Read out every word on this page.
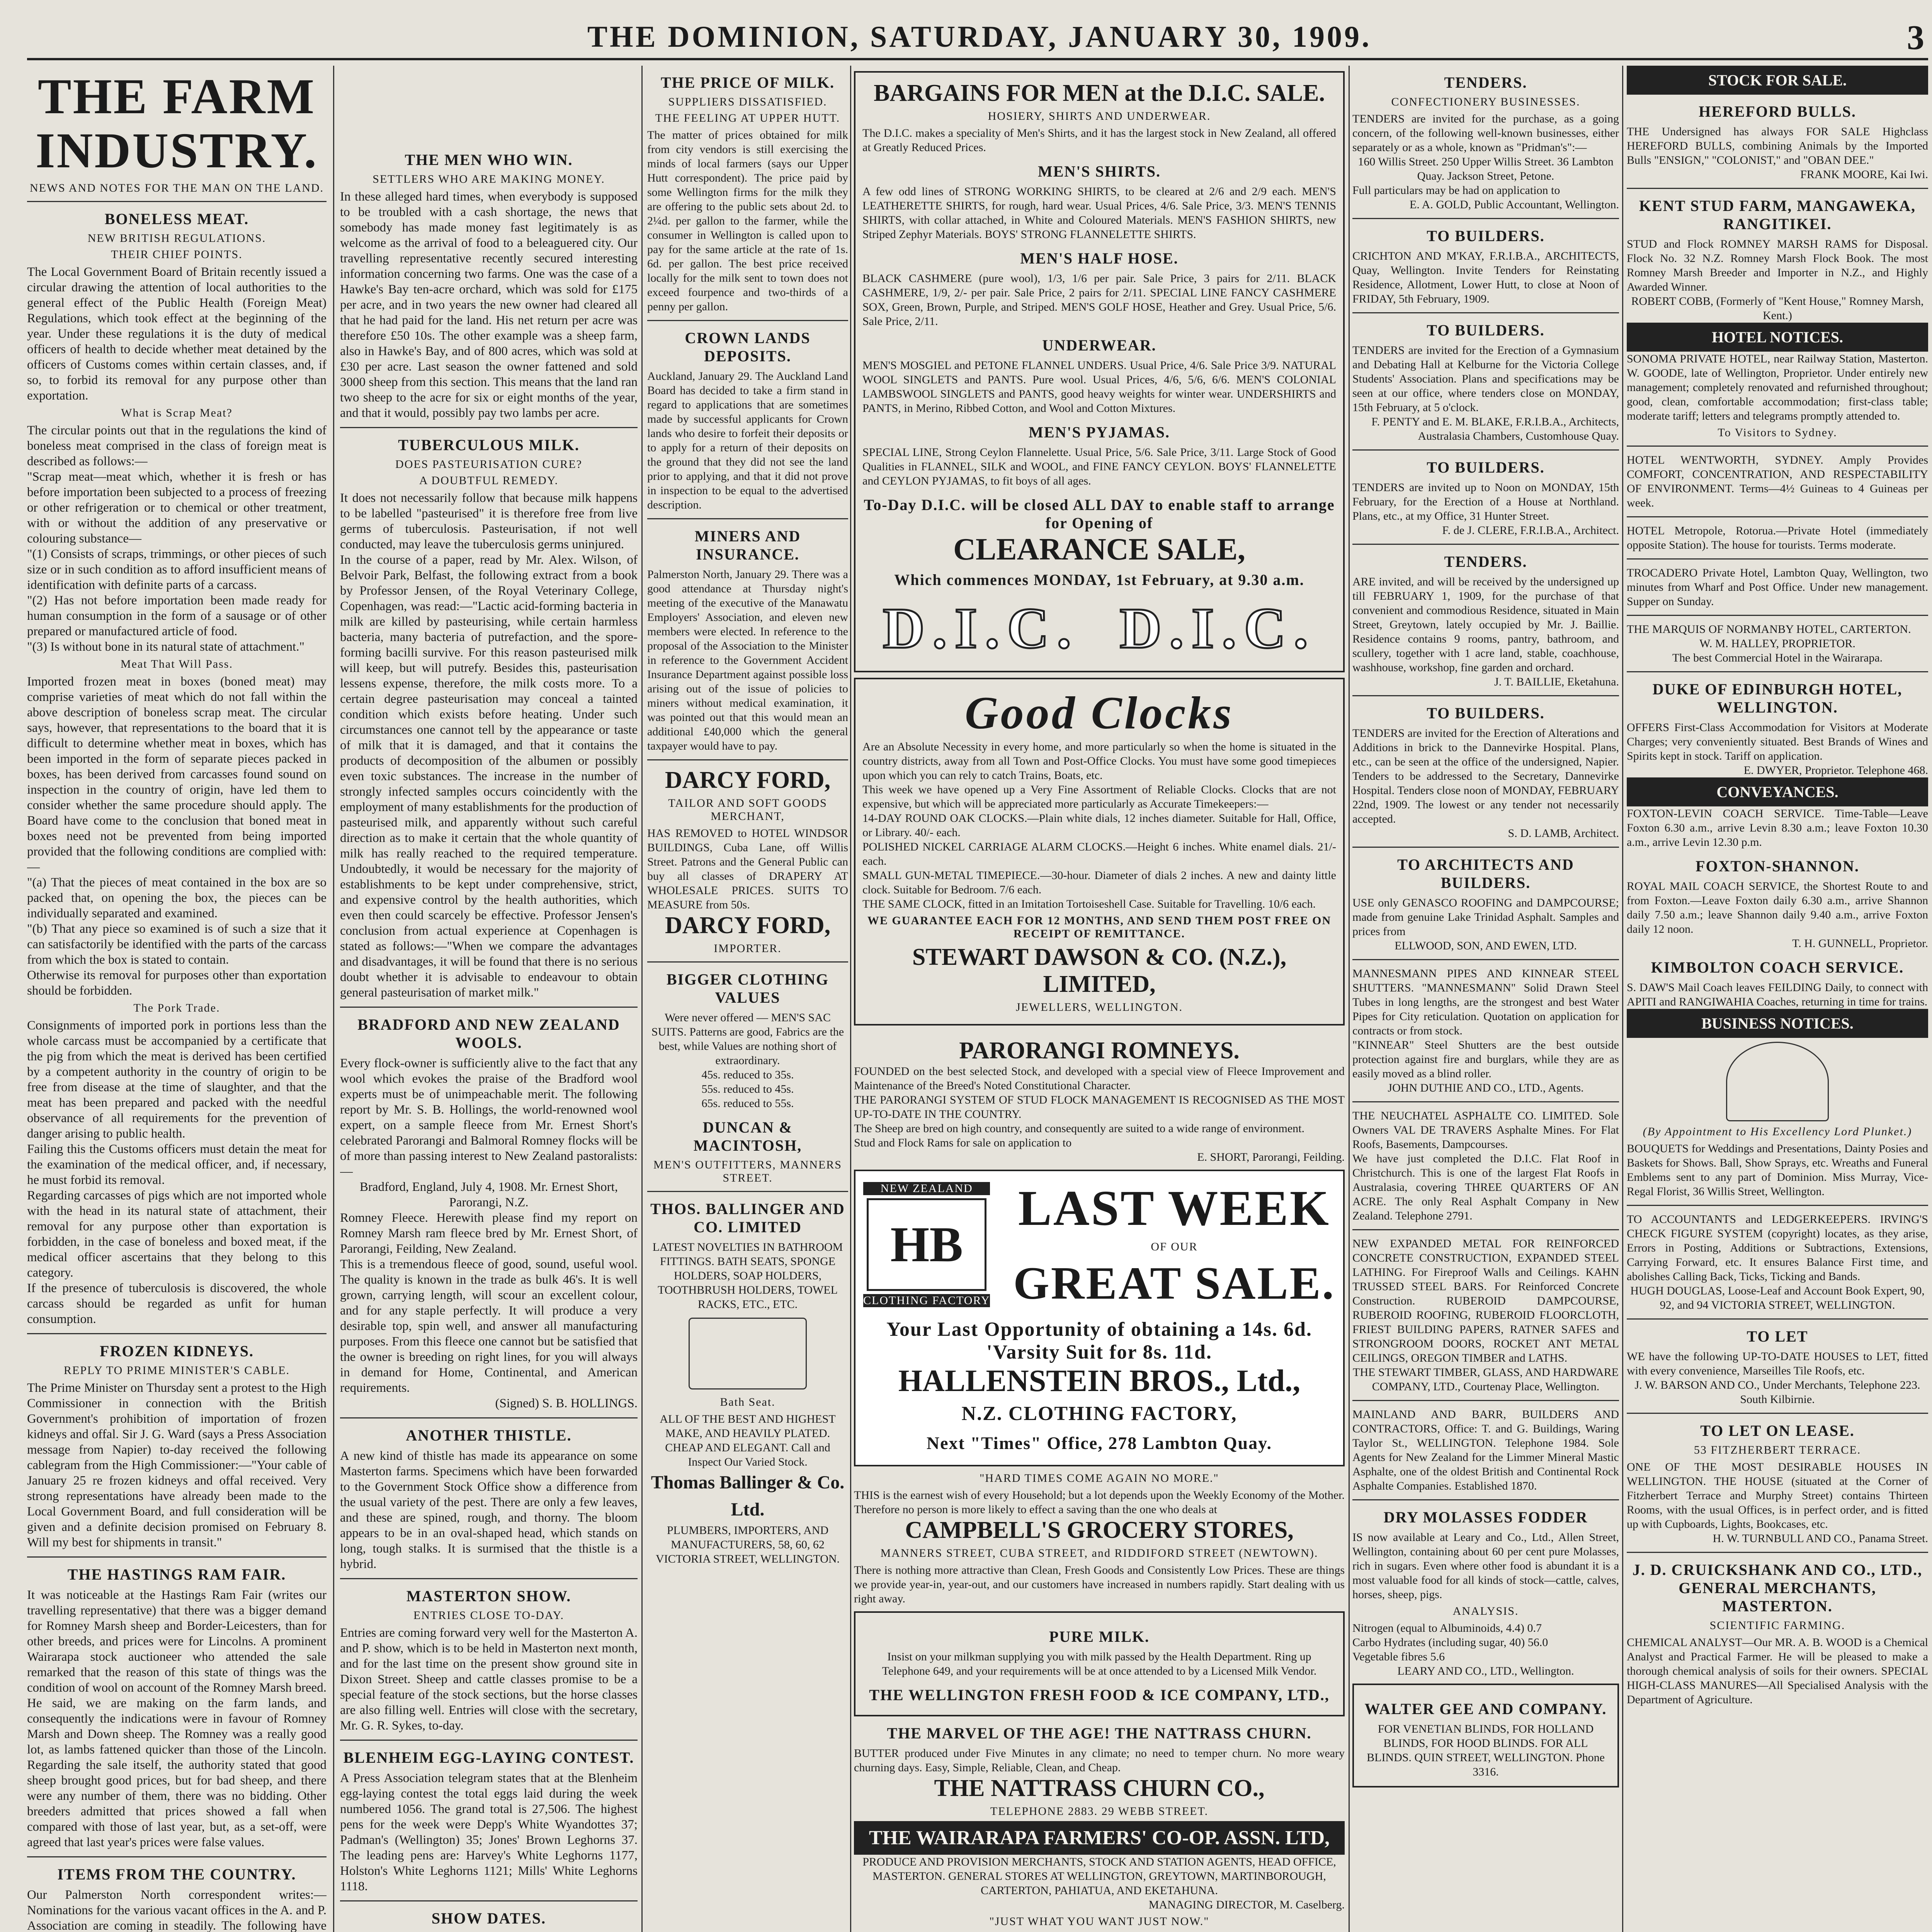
THE DOMINION, SATURDAY, JANUARY 30, 1909.	3
THE FARM INDUSTRY.
NEWS AND NOTES FOR THE MAN ON THE LAND.
BONELESS MEAT.
NEW BRITISH REGULATIONS.
THEIR CHIEF POINTS.

The Local Government Board of Britain recently issued a circular drawing the attention of local authorities to the general effect of the Public Health (Foreign Meat) Regulations, which took effect at the beginning of the year. Under these regulations it is the duty of medical officers of health to decide whether meat detained by the officers of Customs comes within certain classes, and, if so, to forbid its removal for any purpose other than exportation.

What is Scrap Meat?

The circular points out that in the regulations the kind of boneless meat comprised in the class of foreign meat is described as follows:—

"Scrap meat—meat which, whether it is fresh or has before importation been subjected to a process of freezing or other refrigeration or to chemical or other treatment, with or without the addition of any preservative or colouring substance—

"(1) Consists of scraps, trimmings, or other pieces of such size or in such condition as to afford insufficient means of identification with definite parts of a carcass.

"(2) Has not before importation been made ready for human consumption in the form of a sausage or of other prepared or manufactured article of food.

"(3) Is without bone in its natural state of attachment."

Meat That Will Pass.

Imported frozen meat in boxes (boned meat) may comprise varieties of meat which do not fall within the above description of boneless scrap meat. The circular says, however, that representations to the board that it is difficult to determine whether meat in boxes, which has been imported in the form of separate pieces packed in boxes, has been derived from carcasses found sound on inspection in the country of origin, have led them to consider whether the same procedure should apply. The Board have come to the conclusion that boned meat in boxes need not be prevented from being imported provided that the following conditions are complied with:—

"(a) That the pieces of meat contained in the box are so packed that, on opening the box, the pieces can be individually separated and examined.

"(b) That any piece so examined is of such a size that it can satisfactorily be identified with the parts of the carcass from which the box is stated to contain.

Otherwise its removal for purposes other than exportation should be forbidden.

The Pork Trade.

Consignments of imported pork in portions less than the whole carcass must be accompanied by a certificate that the pig from which the meat is derived has been certified by a competent authority in the country of origin to be free from disease at the time of slaughter, and that the meat has been prepared and packed with the needful observance of all requirements for the prevention of danger arising to public health.

Failing this the Customs officers must detain the meat for the examination of the medical officer, and, if necessary, he must forbid its removal.

Regarding carcasses of pigs which are not imported whole with the head in its natural state of attachment, their removal for any purpose other than exportation is forbidden, in the case of boneless and boxed meat, if the medical officer ascertains that they belong to this category.

If the presence of tuberculosis is discovered, the whole carcass should be regarded as unfit for human consumption.

FROZEN KIDNEYS.
REPLY TO PRIME MINISTER'S CABLE.

The Prime Minister on Thursday sent a protest to the High Commissioner in connection with the British Government's prohibition of importation of frozen kidneys and offal. Sir J. G. Ward (says a Press Association message from Napier) to-day received the following cablegram from the High Commissioner:—"Your cable of January 25 re frozen kidneys and offal received. Very strong representations have already been made to the Local Government Board, and full consideration will be given and a definite decision promised on February 8. Will my best for shipments in transit."

THE HASTINGS RAM FAIR.

It was noticeable at the Hastings Ram Fair (writes our travelling representative) that there was a bigger demand for Romney Marsh sheep and Border-Leicesters, than for other breeds, and prices were for Lincolns. A prominent Wairarapa stock auctioneer who attended the sale remarked that the reason of this state of things was the condition of wool on account of the Romney Marsh breed. He said, we are making on the farm lands, and consequently the indications were in favour of Romney Marsh and Down sheep. The Romney was a really good lot, as lambs fattened quicker than those of the Lincoln. Regarding the sale itself, the authority stated that good sheep brought good prices, but for bad sheep, and there were any number of them, there was no bidding. Other breeders admitted that prices showed a fall when compared with those of last year, but, as a set-off, were agreed that last year's prices were false values.

ITEMS FROM THE COUNTRY.

Our Palmerston North correspondent writes:—Nominations for the various vacant offices in the A. and P. Association are coming in steadily. The following have

THE MEN WHO WIN.
SETTLERS WHO ARE MAKING MONEY.

In these alleged hard times, when everybody is supposed to be troubled with a cash shortage, the news that somebody has made money fast legitimately is as welcome as the arrival of food to a beleaguered city. Our travelling representative recently secured interesting information concerning two farms. One was the case of a Hawke's Bay ten-acre orchard, which was sold for £175 per acre, and in two years the new owner had cleared all that he had paid for the land. His net return per acre was therefore £50 10s. The other example was a sheep farm, also in Hawke's Bay, and of 800 acres, which was sold at £30 per acre. Last season the owner fattened and sold 3000 sheep from this section. This means that the land ran two sheep to the acre for six or eight months of the year, and that it would, possibly pay two lambs per acre.

TUBERCULOUS MILK.
DOES PASTEURISATION CURE?
A DOUBTFUL REMEDY.

It does not necessarily follow that because milk happens to be labelled "pasteurised" it is therefore free from live germs of tuberculosis. Pasteurisation, if not well conducted, may leave the tuberculosis germs uninjured.

In the course of a paper, read by Mr. Alex. Wilson, of Belvoir Park, Belfast, the following extract from a book by Professor Jensen, of the Royal Veterinary College, Copenhagen, was read:—"Lactic acid-forming bacteria in milk are killed by pasteurising, while certain harmless bacteria, many bacteria of putrefaction, and the spore-forming bacilli survive. For this reason pasteurised milk will keep, but will putrefy. Besides this, pasteurisation lessens expense, therefore, the milk costs more. To a certain degree pasteurisation may conceal a tainted condition which exists before heating. Under such circumstances one cannot tell by the appearance or taste of milk that it is damaged, and that it contains the products of decomposition of the albumen or possibly even toxic substances. The increase in the number of strongly infected samples occurs coincidently with the employment of many establishments for the production of pasteurised milk, and apparently without such careful direction as to make it certain that the whole quantity of milk has really reached to the required temperature. Undoubtedly, it would be necessary for the majority of establishments to be kept under comprehensive, strict, and expensive control by the health authorities, which even then could scarcely be effective. Professor Jensen's conclusion from actual experience at Copenhagen is stated as follows:—"When we compare the advantages and disadvantages, it will be found that there is no serious doubt whether it is advisable to endeavour to obtain general pasteurisation of market milk."

BRADFORD AND NEW ZEALAND WOOLS.

Every flock-owner is sufficiently alive to the fact that any wool which evokes the praise of the Bradford wool experts must be of unimpeachable merit. The following report by Mr. S. B. Hollings, the world-renowned wool expert, on a sample fleece from Mr. Ernest Short's celebrated Parorangi and Balmoral Romney flocks will be of more than passing interest to New Zealand pastoralists:—

Bradford, England, July 4, 1908. Mr. Ernest Short, Parorangi, N.Z.

Romney Fleece. Herewith please find my report on Romney Marsh ram fleece bred by Mr. Ernest Short, of Parorangi, Feilding, New Zealand.

This is a tremendous fleece of good, sound, useful wool. The quality is known in the trade as bulk 46's. It is well grown, carrying length, will scour an excellent colour, and for any staple perfectly. It will produce a very desirable top, spin well, and answer all manufacturing purposes. From this fleece one cannot but be satisfied that the owner is breeding on right lines, for you will always in demand for Home, Continental, and American requirements.

(Signed) S. B. HOLLINGS.

ANOTHER THISTLE.

A new kind of thistle has made its appearance on some Masterton farms. Specimens which have been forwarded to the Government Stock Office show a difference from the usual variety of the pest. There are only a few leaves, and these are spined, rough, and thorny. The bloom appears to be in an oval-shaped head, which stands on long, tough stalks. It is surmised that the thistle is a hybrid.

MASTERTON SHOW.
ENTRIES CLOSE TO-DAY.

Entries are coming forward very well for the Masterton A. and P. show, which is to be held in Masterton next month, and for the last time on the present show ground site in Dixon Street. Sheep and cattle classes promise to be a special feature of the stock sections, but the horse classes are also filling well. Entries will close with the secretary, Mr. G. R. Sykes, to-day.

BLENHEIM EGG-LAYING CONTEST.

A Press Association telegram states that at the Blenheim egg-laying contest the total eggs laid during the week numbered 1056. The grand total is 27,506. The highest pens for the week were Depp's White Wyandottes 37; Padman's (Wellington) 35; Jones' Brown Leghorns 37. The leading pens are: Harvey's White Leghorns 1177, Holston's White Leghorns 1121; Mills' White Leghorns 1118.

SHOW DATES.

THE PRICE OF MILK.
SUPPLIERS DISSATISFIED.
THE FEELING AT UPPER HUTT.

The matter of prices obtained for milk from city vendors is still exercising the minds of local farmers (says our Upper Hutt correspondent). The price paid by some Wellington firms for the milk they are offering to the public sets about 2d. to 2¼d. per gallon to the farmer, while the consumer in Wellington is called upon to pay for the same article at the rate of 1s. 6d. per gallon. The best price received locally for the milk sent to town does not exceed fourpence and two-thirds of a penny per gallon.

CROWN LANDS DEPOSITS.

Auckland, January 29. The Auckland Land Board has decided to take a firm stand in regard to applications that are sometimes made by successful applicants for Crown lands who desire to forfeit their deposits or to apply for a return of their deposits on the ground that they did not see the land prior to applying, and that it did not prove in inspection to be equal to the advertised description.

MINERS AND INSURANCE.

Palmerston North, January 29. There was a good attendance at Thursday night's meeting of the executive of the Manawatu Employers' Association, and eleven new members were elected. In reference to the proposal of the Association to the Minister in reference to the Government Accident Insurance Department against possible loss arising out of the issue of policies to miners without medical examination, it was pointed out that this would mean an additional £40,000 which the general taxpayer would have to pay.

DARCY FORD,
TAILOR AND SOFT GOODS MERCHANT,

HAS REMOVED to HOTEL WINDSOR BUILDINGS, Cuba Lane, off Willis Street. Patrons and the General Public can buy all classes of DRAPERY AT WHOLESALE PRICES. SUITS TO MEASURE from 50s.

DARCY FORD,
IMPORTER.
BIGGER CLOTHING VALUES

Were never offered — MEN'S SAC SUITS. Patterns are good, Fabrics are the best, while Values are nothing short of extraordinary.

45s. reduced to 35s.

55s. reduced to 45s.

65s. reduced to 55s.

DUNCAN & MACINTOSH,
MEN'S OUTFITTERS, MANNERS STREET.
THOS. BALLINGER AND CO. LIMITED

LATEST NOVELTIES IN BATHROOM FITTINGS. BATH SEATS, SPONGE HOLDERS, SOAP HOLDERS, TOOTHBRUSH HOLDERS, TOWEL RACKS, ETC., ETC.

Bath Seat.

ALL OF THE BEST AND HIGHEST MAKE, AND HEAVILY PLATED. CHEAP AND ELEGANT. Call and Inspect Our Varied Stock.

Thomas Ballinger & Co. Ltd.

PLUMBERS, IMPORTERS, AND MANUFACTURERS, 58, 60, 62 VICTORIA STREET, WELLINGTON.

BARGAINS FOR MEN at the D.I.C. SALE.
HOSIERY, SHIRTS AND UNDERWEAR.

The D.I.C. makes a speciality of Men's Shirts, and it has the largest stock in New Zealand, all offered at Greatly Reduced Prices.

MEN'S SHIRTS.

A few odd lines of STRONG WORKING SHIRTS, to be cleared at 2/6 and 2/9 each. MEN'S LEATHERETTE SHIRTS, for rough, hard wear. Usual Prices, 4/6. Sale Price, 3/3. MEN'S TENNIS SHIRTS, with collar attached, in White and Coloured Materials. MEN'S FASHION SHIRTS, new Striped Zephyr Materials. BOYS' STRONG FLANNELETTE SHIRTS.

MEN'S HALF HOSE.

BLACK CASHMERE (pure wool), 1/3, 1/6 per pair. Sale Price, 3 pairs for 2/11. BLACK CASHMERE, 1/9, 2/- per pair. Sale Price, 2 pairs for 2/11. SPECIAL LINE FANCY CASHMERE SOX, Green, Brown, Purple, and Striped. MEN'S GOLF HOSE, Heather and Grey. Usual Price, 5/6. Sale Price, 2/11.

UNDERWEAR.

MEN'S MOSGIEL and PETONE FLANNEL UNDERS. Usual Price, 4/6. Sale Price 3/9. NATURAL WOOL SINGLETS and PANTS. Pure wool. Usual Prices, 4/6, 5/6, 6/6. MEN'S COLONIAL LAMBSWOOL SINGLETS and PANTS, good heavy weights for winter wear. UNDERSHIRTS and PANTS, in Merino, Ribbed Cotton, and Wool and Cotton Mixtures.

MEN'S PYJAMAS.

SPECIAL LINE, Strong Ceylon Flannelette. Usual Price, 5/6. Sale Price, 3/11. Large Stock of Good Qualities in FLANNEL, SILK and WOOL, and FINE FANCY CEYLON. BOYS' FLANNELETTE and CEYLON PYJAMAS, to fit boys of all ages.

To-Day D.I.C. will be closed ALL DAY to enable staff to arrange for Opening of
CLEARANCE SALE,
Which commences MONDAY, 1st February, at 9.30 a.m.
D.I.C. D.I.C.
Good Clocks

Are an Absolute Necessity in every home, and more particularly so when the home is situated in the country districts, away from all Town and Post-Office Clocks. You must have some good timepieces upon which you can rely to catch Trains, Boats, etc.

This week we have opened up a Very Fine Assortment of Reliable Clocks. Clocks that are not expensive, but which will be appreciated more particularly as Accurate Timekeepers:—

14-DAY ROUND OAK CLOCKS.—Plain white dials, 12 inches diameter. Suitable for Hall, Office, or Library. 40/- each.

POLISHED NICKEL CARRIAGE ALARM CLOCKS.—Height 6 inches. White enamel dials. 21/- each.

SMALL GUN-METAL TIMEPIECE.—30-hour. Diameter of dials 2 inches. A new and dainty little clock. Suitable for Bedroom. 7/6 each.

THE SAME CLOCK, fitted in an Imitation Tortoiseshell Case. Suitable for Travelling. 10/6 each.

WE GUARANTEE EACH FOR 12 MONTHS, AND SEND THEM POST FREE ON RECEIPT OF REMITTANCE.
STEWART DAWSON & CO. (N.Z.), LIMITED,
JEWELLERS, WELLINGTON.
PARORANGI ROMNEYS.

FOUNDED on the best selected Stock, and developed with a special view of Fleece Improvement and Maintenance of the Breed's Noted Constitutional Character.

THE PARORANGI SYSTEM OF STUD FLOCK MANAGEMENT IS RECOGNISED AS THE MOST UP-TO-DATE IN THE COUNTRY.

The Sheep are bred on high country, and consequently are suited to a wide range of environment.

Stud and Flock Rams for sale on application to

E. SHORT, Parorangi, Feilding.

NEW ZEALAND
HB
CLOTHING FACTORY
LAST WEEK
OF OUR
GREAT SALE.
Your Last Opportunity of obtaining a 14s. 6d. 'Varsity Suit for 8s. 11d.
HALLENSTEIN BROS., Ltd.,
N.Z. CLOTHING FACTORY,
Next "Times" Office, 278 Lambton Quay.
"HARD TIMES COME AGAIN NO MORE."

THIS is the earnest wish of every Household; but a lot depends upon the Weekly Economy of the Mother. Therefore no person is more likely to effect a saving than the one who deals at

CAMPBELL'S GROCERY STORES,
MANNERS STREET, CUBA STREET, and RIDDIFORD STREET (NEWTOWN).

There is nothing more attractive than Clean, Fresh Goods and Consistently Low Prices. These are things we provide year-in, year-out, and our customers have increased in numbers rapidly. Start dealing with us right away.

PURE MILK.

Insist on your milkman supplying you with milk passed by the Health Department. Ring up Telephone 649, and your requirements will be at once attended to by a Licensed Milk Vendor.

THE WELLINGTON FRESH FOOD & ICE COMPANY, LTD.,
THE MARVEL OF THE AGE! THE NATTRASS CHURN.

BUTTER produced under Five Minutes in any climate; no need to temper churn. No more weary churning days. Easy, Simple, Reliable, Clean, and Cheap.

THE NATTRASS CHURN CO.,
TELEPHONE 2883. 29 WEBB STREET.
THE WAIRARAPA FARMERS' CO-OP. ASSN. LTD,

PRODUCE AND PROVISION MERCHANTS, STOCK AND STATION AGENTS, HEAD OFFICE, MASTERTON. GENERAL STORES AT WELLINGTON, GREYTOWN, MARTINBOROUGH, CARTERTON, PAHIATUA, AND EKETAHUNA.

MANAGING DIRECTOR, M. Caselberg.

"JUST WHAT YOU WANT JUST NOW."

TENDERS.
CONFECTIONERY BUSINESSES.

TENDERS are invited for the purchase, as a going concern, of the following well-known businesses, either separately or as a whole, known as "Pridman's":—

160 Willis Street. 250 Upper Willis Street. 36 Lambton Quay. Jackson Street, Petone.

Full particulars may be had on application to

E. A. GOLD, Public Accountant, Wellington.

TO BUILDERS.

CRICHTON AND M'KAY, F.R.I.B.A., ARCHITECTS, Quay, Wellington. Invite Tenders for Reinstating Residence, Allotment, Lower Hutt, to close at Noon of FRIDAY, 5th February, 1909.

TO BUILDERS.

TENDERS are invited for the Erection of a Gymnasium and Debating Hall at Kelburne for the Victoria College Students' Association. Plans and specifications may be seen at our office, where tenders close on MONDAY, 15th February, at 5 o'clock.

F. PENTY and E. M. BLAKE, F.R.I.B.A., Architects, Australasia Chambers, Customhouse Quay.

TO BUILDERS.

TENDERS are invited up to Noon on MONDAY, 15th February, for the Erection of a House at Northland. Plans, etc., at my Office, 31 Hunter Street.

F. de J. CLERE, F.R.I.B.A., Architect.

TENDERS.

ARE invited, and will be received by the undersigned up till FEBRUARY 1, 1909, for the purchase of that convenient and commodious Residence, situated in Main Street, Greytown, lately occupied by Mr. J. Baillie. Residence contains 9 rooms, pantry, bathroom, and scullery, together with 1 acre land, stable, coachhouse, washhouse, workshop, fine garden and orchard.

J. T. BAILLIE, Eketahuna.

TO BUILDERS.

TENDERS are invited for the Erection of Alterations and Additions in brick to the Dannevirke Hospital. Plans, etc., can be seen at the office of the undersigned, Napier. Tenders to be addressed to the Secretary, Dannevirke Hospital. Tenders close noon of MONDAY, FEBRUARY 22nd, 1909. The lowest or any tender not necessarily accepted.

S. D. LAMB, Architect.

TO ARCHITECTS AND BUILDERS.

USE only GENASCO ROOFING and DAMPCOURSE; made from genuine Lake Trinidad Asphalt. Samples and prices from

ELLWOOD, SON, AND EWEN, LTD.

MANNESMANN PIPES AND KINNEAR STEEL SHUTTERS. "MANNESMANN" Solid Drawn Steel Tubes in long lengths, are the strongest and best Water Pipes for City reticulation. Quotation on application for contracts or from stock.

"KINNEAR" Steel Shutters are the best outside protection against fire and burglars, while they are as easily moved as a blind roller.

JOHN DUTHIE AND CO., LTD., Agents.

THE NEUCHATEL ASPHALTE CO. LIMITED. Sole Owners VAL DE TRAVERS Asphalte Mines. For Flat Roofs, Basements, Dampcourses.

We have just completed the D.I.C. Flat Roof in Christchurch. This is one of the largest Flat Roofs in Australasia, covering THREE QUARTERS OF AN ACRE. The only Real Asphalt Company in New Zealand. Telephone 2791.

NEW EXPANDED METAL FOR REINFORCED CONCRETE CONSTRUCTION, EXPANDED STEEL LATHING. For Fireproof Walls and Ceilings. KAHN TRUSSED STEEL BARS. For Reinforced Concrete Construction. RUBEROID DAMPCOURSE, RUBEROID ROOFING, RUBEROID FLOORCLOTH, FRIEST BUILDING PAPERS, RATNER SAFES and STRONGROOM DOORS, ROCKET ANT METAL CEILINGS, OREGON TIMBER and LATHS.

THE STEWART TIMBER, GLASS, AND HARDWARE COMPANY, LTD., Courtenay Place, Wellington.

MAINLAND AND BARR, BUILDERS AND CONTRACTORS, Office: T. and G. Buildings, Waring Taylor St., WELLINGTON. Telephone 1984. Sole Agents for New Zealand for the Limmer Mineral Mastic Asphalte, one of the oldest British and Continental Rock Asphalte Companies. Established 1870.

DRY MOLASSES FODDER

IS now available at Leary and Co., Ltd., Allen Street, Wellington, containing about 60 per cent pure Molasses, rich in sugars. Even where other food is abundant it is a most valuable food for all kinds of stock—cattle, calves, horses, sheep, pigs.

ANALYSIS.

Nitrogen (equal to Albuminoids, 4.4) 0.7

Carbo Hydrates (including sugar, 40) 56.0

Vegetable fibres 5.6

LEARY AND CO., LTD., Wellington.

WALTER GEE AND COMPANY.

FOR VENETIAN BLINDS, FOR HOLLAND BLINDS, FOR HOOD BLINDS. FOR ALL BLINDS. QUIN STREET, WELLINGTON. Phone 3316.

STOCK FOR SALE.
HEREFORD BULLS.

THE Undersigned has always FOR SALE Highclass HEREFORD BULLS, combining Animals by the Imported Bulls "ENSIGN," "COLONIST," and "OBAN DEE."

FRANK MOORE, Kai Iwi.

KENT STUD FARM, MANGAWEKA, RANGITIKEI.

STUD and Flock ROMNEY MARSH RAMS for Disposal. Flock No. 32 N.Z. Romney Marsh Flock Book. The most Romney Marsh Breeder and Importer in N.Z., and Highly Awarded Winner.

ROBERT COBB, (Formerly of "Kent House," Romney Marsh, Kent.)

HOTEL NOTICES.

SONOMA PRIVATE HOTEL, near Railway Station, Masterton. W. GOODE, late of Wellington, Proprietor. Under entirely new management; completely renovated and refurnished throughout; good, clean, comfortable accommodation; first-class table; moderate tariff; letters and telegrams promptly attended to.

To Visitors to Sydney.

HOTEL WENTWORTH, SYDNEY. Amply Provides COMFORT, CONCENTRATION, AND RESPECTABILITY OF ENVIRONMENT. Terms—4½ Guineas to 4 Guineas per week.

HOTEL Metropole, Rotorua.—Private Hotel (immediately opposite Station). The house for tourists. Terms moderate.

TROCADERO Private Hotel, Lambton Quay, Wellington, two minutes from Wharf and Post Office. Under new management. Supper on Sunday.

THE MARQUIS OF NORMANBY HOTEL, CARTERTON.

W. M. HALLEY, PROPRIETOR.

The best Commercial Hotel in the Wairarapa.

DUKE OF EDINBURGH HOTEL, WELLINGTON.

OFFERS First-Class Accommodation for Visitors at Moderate Charges; very conveniently situated. Best Brands of Wines and Spirits kept in stock. Tariff on application.

E. DWYER, Proprietor. Telephone 468.

CONVEYANCES.

FOXTON-LEVIN COACH SERVICE. Time-Table—Leave Foxton 6.30 a.m., arrive Levin 8.30 a.m.; leave Foxton 10.30 a.m., arrive Levin 12.30 p.m.

FOXTON-SHANNON.

ROYAL MAIL COACH SERVICE, the Shortest Route to and from Foxton.—Leave Foxton daily 6.30 a.m., arrive Shannon daily 7.50 a.m.; leave Shannon daily 9.40 a.m., arrive Foxton daily 12 noon.

T. H. GUNNELL, Proprietor.

KIMBOLTON COACH SERVICE.

S. DAW'S Mail Coach leaves FEILDING Daily, to connect with APITI and RANGIWAHIA Coaches, returning in time for trains.

BUSINESS NOTICES.
(By Appointment to His Excellency Lord Plunket.)

BOUQUETS for Weddings and Presentations, Dainty Posies and Baskets for Shows. Ball, Show Sprays, etc. Wreaths and Funeral Emblems sent to any part of Dominion. Miss Murray, Vice-Regal Florist, 36 Willis Street, Wellington.

TO ACCOUNTANTS and LEDGERKEEPERS. IRVING'S CHECK FIGURE SYSTEM (copyright) locates, as they arise, Errors in Posting, Additions or Subtractions, Extensions, Carrying Forward, etc. It ensures Balance First time, and abolishes Calling Back, Ticks, Ticking and Bands.

HUGH DOUGLAS, Loose-Leaf and Account Book Expert, 90, 92, and 94 VICTORIA STREET, WELLINGTON.

TO LET

WE have the following UP-TO-DATE HOUSES to LET, fitted with every convenience, Marseilles Tile Roofs, etc.

J. W. BARSON AND CO., Under Merchants, Telephone 223. South Kilbirnie.

TO LET ON LEASE.
53 FITZHERBERT TERRACE.

ONE OF THE MOST DESIRABLE HOUSES IN WELLINGTON. THE HOUSE (situated at the Corner of Fitzherbert Terrace and Murphy Street) contains Thirteen Rooms, with the usual Offices, is in perfect order, and is fitted up with Cupboards, Lights, Bookcases, etc.

H. W. TURNBULL AND CO., Panama Street.

J. D. CRUICKSHANK AND CO., LTD., GENERAL MERCHANTS, MASTERTON.
SCIENTIFIC FARMING.

CHEMICAL ANALYST—Our MR. A. B. WOOD is a Chemical Analyst and Practical Farmer. He will be pleased to make a thorough chemical analysis of soils for their owners. SPECIAL HIGH-CLASS MANURES—All Specialised Analysis with the Department of Agriculture.
